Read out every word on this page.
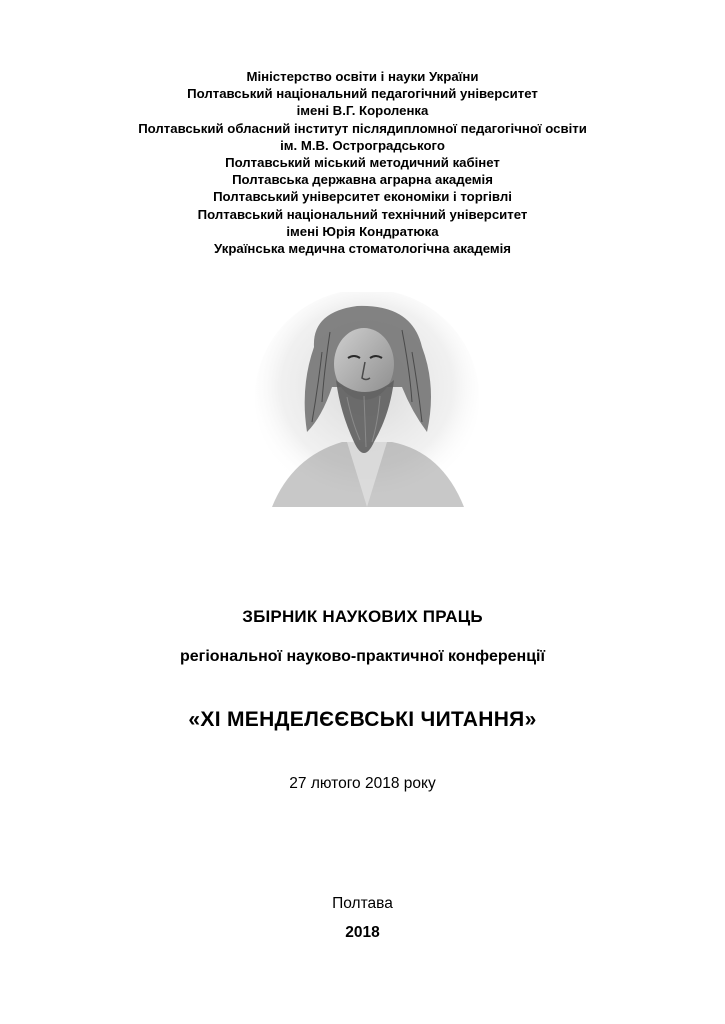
Міністерство освіти і науки України
Полтавський національний педагогічний університет
імені В.Г. Короленка
Полтавський обласний інститут післядипломної педагогічної освіти
ім. М.В. Остроградського
Полтавський міський методичний кабінет
Полтавська державна аграрна академія
Полтавський університет економіки і торгівлі
Полтавський національний технічний університет
імені Юрія Кондратюка
Українська медична стоматологічна академія
ЗБІРНИК НАУКОВИХ ПРАЦЬ
регіональної науково-практичної конференції
«ХІ МЕНДЕЛЄЄВСЬКІ ЧИТАННЯ»
27 лютого 2018 року
Полтава
2018
